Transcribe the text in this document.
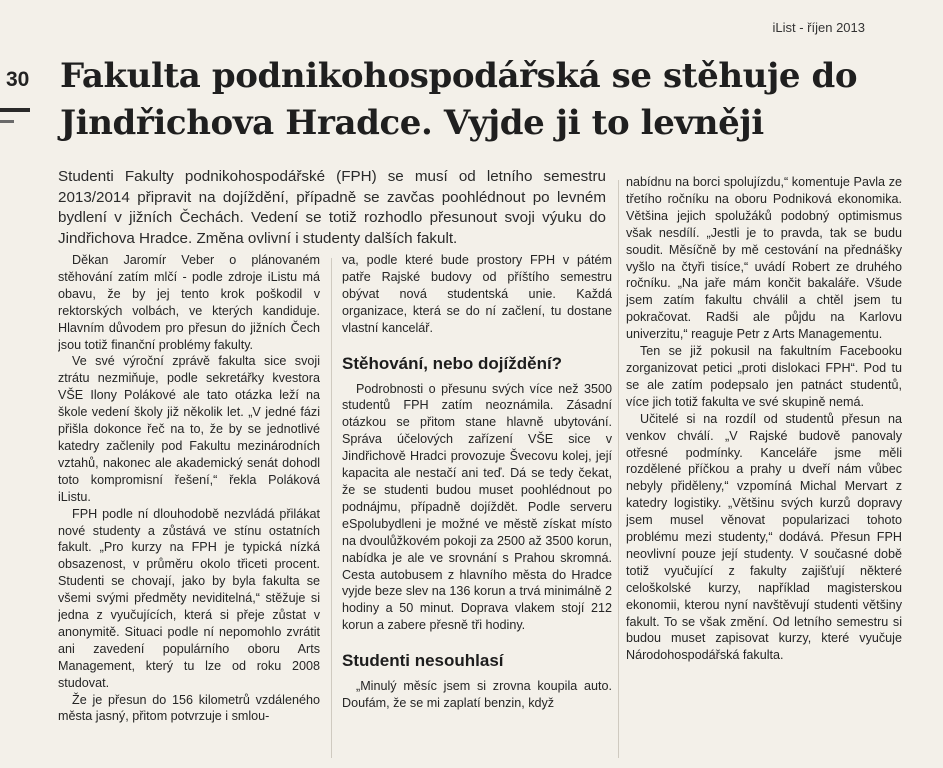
iList - říjen 2013
30 Fakulta podnikohospodářská se stěhuje do Jindřichova Hradce. Vyjde ji to levněji

Studenti Fakulty podnikohospodářské (FPH) se musí od letního semestru 2013/2014 připravit na dojíždění, případně se zavčas poohlédnout po levném bydlení v jižních Čechách. Vedení se totiž rozhodlo přesunout svoji výuku do Jindřichova Hradce. Změna ovlivní i studenty dalších fakult.

Děkan Jaromír Veber o plánovaném stěhování zatím mlčí - podle zdroje iListu má obavu, že by jej tento krok poškodil v rektorských volbách, ve kterých kandiduje. Hlavním důvodem pro přesun do jižních Čech jsou totiž finanční problémy fakulty.

Ve své výroční zprávě fakulta sice svoji ztrátu nezmiňuje, podle sekretářky kvestora VŠE Ilony Polákové ale tato otázka leží na škole vedení školy již několik let. „V jedné fázi přišla dokonce řeč na to, že by se jednotlivé katedry začlenily pod Fakultu mezinárodních vztahů, nakonec ale akademický senát dohodl toto kompromisní řešení,“ řekla Poláková iListu.

FPH podle ní dlouhodobě nezvládá přilákat nové studenty a zůstává ve stínu ostatních fakult. „Pro kurzy na FPH je typická nízká obsazenost, v průměru okolo třiceti procent. Studenti se chovají, jako by byla fakulta se všemi svými předměty neviditelná,“ stěžuje si jedna z vyučujících, která si přeje zůstat v anonymitě. Situaci podle ní nepomohlo zvrátit ani zavedení populárního oboru Arts Management, který tu lze od roku 2008 studovat.

Že je přesun do 156 kilometrů vzdáleného města jasný, přitom potvrzuje i smlou-

va, podle které bude prostory FPH v pátém patře Rajské budovy od příštího semestru obývat nová studentská unie. Každá organizace, která se do ní začlení, tu dostane vlastní kancelář.

Stěhování, nebo dojíždění?

Podrobnosti o přesunu svých více než 3500 studentů FPH zatím neoznámila. Zásadní otázkou se přitom stane hlavně ubytování. Správa účelových zařízení VŠE sice v Jindřichově Hradci provozuje Švecovu kolej, její kapacita ale nestačí ani teď. Dá se tedy čekat, že se studenti budou muset poohlédnout po podnájmu, případně dojíždět. Podle serveru eSpolubydleni je možné ve městě získat místo na dvoulůžkovém pokoji za 2500 až 3500 korun, nabídka je ale ve srovnání s Prahou skromná. Cesta autobusem z hlavního města do Hradce vyjde beze slev na 136 korun a trvá minimálně 2 hodiny a 50 minut. Doprava vlakem stojí 212 korun a zabere přesně tři hodiny.

Studenti nesouhlasí

„Minulý měsíc jsem si zrovna koupila auto. Doufám, že se mi zaplatí benzin, když

nabídnu na borci spolujízdu,“ komentuje Pavla ze třetího ročníku na oboru Podniková ekonomika. Většina jejich spolužáků podobný optimismus však nesdílí. „Jestli je to pravda, tak se budu soudit. Měsíčně by mě cestování na přednášky vyšlo na čtyři tisíce,“ uvádí Robert ze druhého ročníku. „Na jaře mám končit bakaláře. Všude jsem zatím fakultu chválil a chtěl jsem tu pokračovat. Radši ale půjdu na Karlovu univerzitu,“ reaguje Petr z Arts Managementu.

Ten se již pokusil na fakultním Facebooku zorganizovat petici „proti dislokaci FPH“. Pod tu se ale zatím podepsalo jen patnáct studentů, více jich totiž fakulta ve své skupině nemá.

Učitelé si na rozdíl od studentů přesun na venkov chválí. „V Rajské budově panovaly otřesné podmínky. Kanceláře jsme měli rozdělené příčkou a prahy u dveří nám vůbec nebyly přiděleny,“ vzpomíná Michal Mervart z katedry logistiky. „Většinu svých kurzů dopravy jsem musel věnovat popularizaci tohoto problému mezi studenty,“ dodává. Přesun FPH neovlivní pouze její studenty. V současné době totiž vyučující z fakulty zajišťují některé celoškolské kurzy, například magisterskou ekonomii, kterou nyní navštěvují studenti většiny fakult. To se však změní. Od letního semestru si budou muset zapisovat kurzy, které vyučuje Národohospodářská fakulta.
